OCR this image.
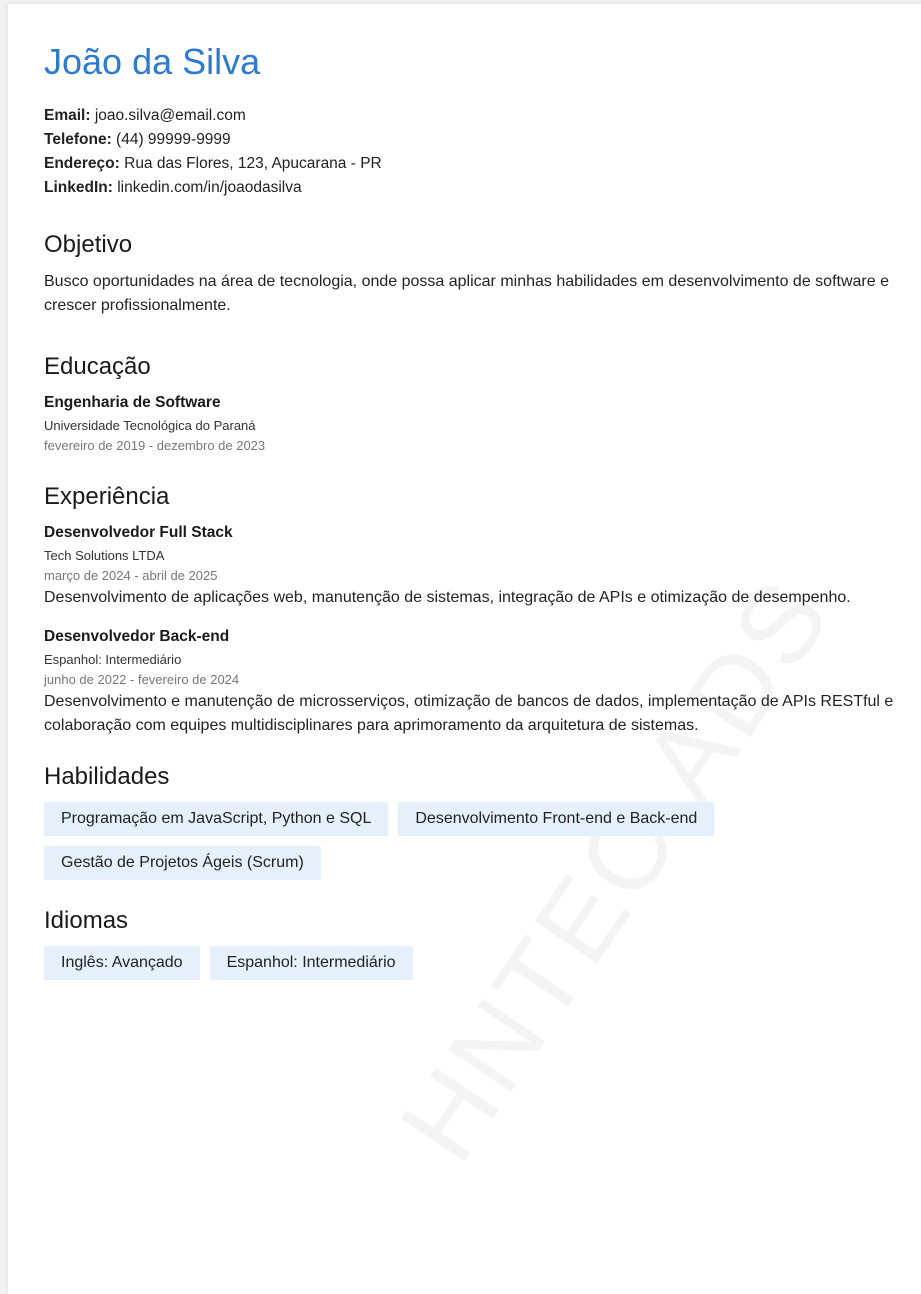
João da Silva
Email: joao.silva@email.com
Telefone: (44) 99999-9999
Endereço: Rua das Flores, 123, Apucarana - PR
LinkedIn: linkedin.com/in/joaodasilva
Objetivo
Busco oportunidades na área de tecnologia, onde possa aplicar minhas habilidades em desenvolvimento de software e crescer profissionalmente.
Educação
Engenharia de Software
Universidade Tecnológica do Paraná
fevereiro de 2019 - dezembro de 2023
Experiência
Desenvolvedor Full Stack
Tech Solutions LTDA
março de 2024 - abril de 2025
Desenvolvimento de aplicações web, manutenção de sistemas, integração de APIs e otimização de desempenho.
Desenvolvedor Back-end
Espanhol: Intermediário
junho de 2022 - fevereiro de 2024
Desenvolvimento e manutenção de microsserviços, otimização de bancos de dados, implementação de APIs RESTful e colaboração com equipes multidisciplinares para aprimoramento da arquitetura de sistemas.
Habilidades
Programação em JavaScript, Python e SQL	Desenvolvimento Front-end e Back-end
Gestão de Projetos Ágeis (Scrum)
Idiomas
Inglês: Avançado	Espanhol: Intermediário
